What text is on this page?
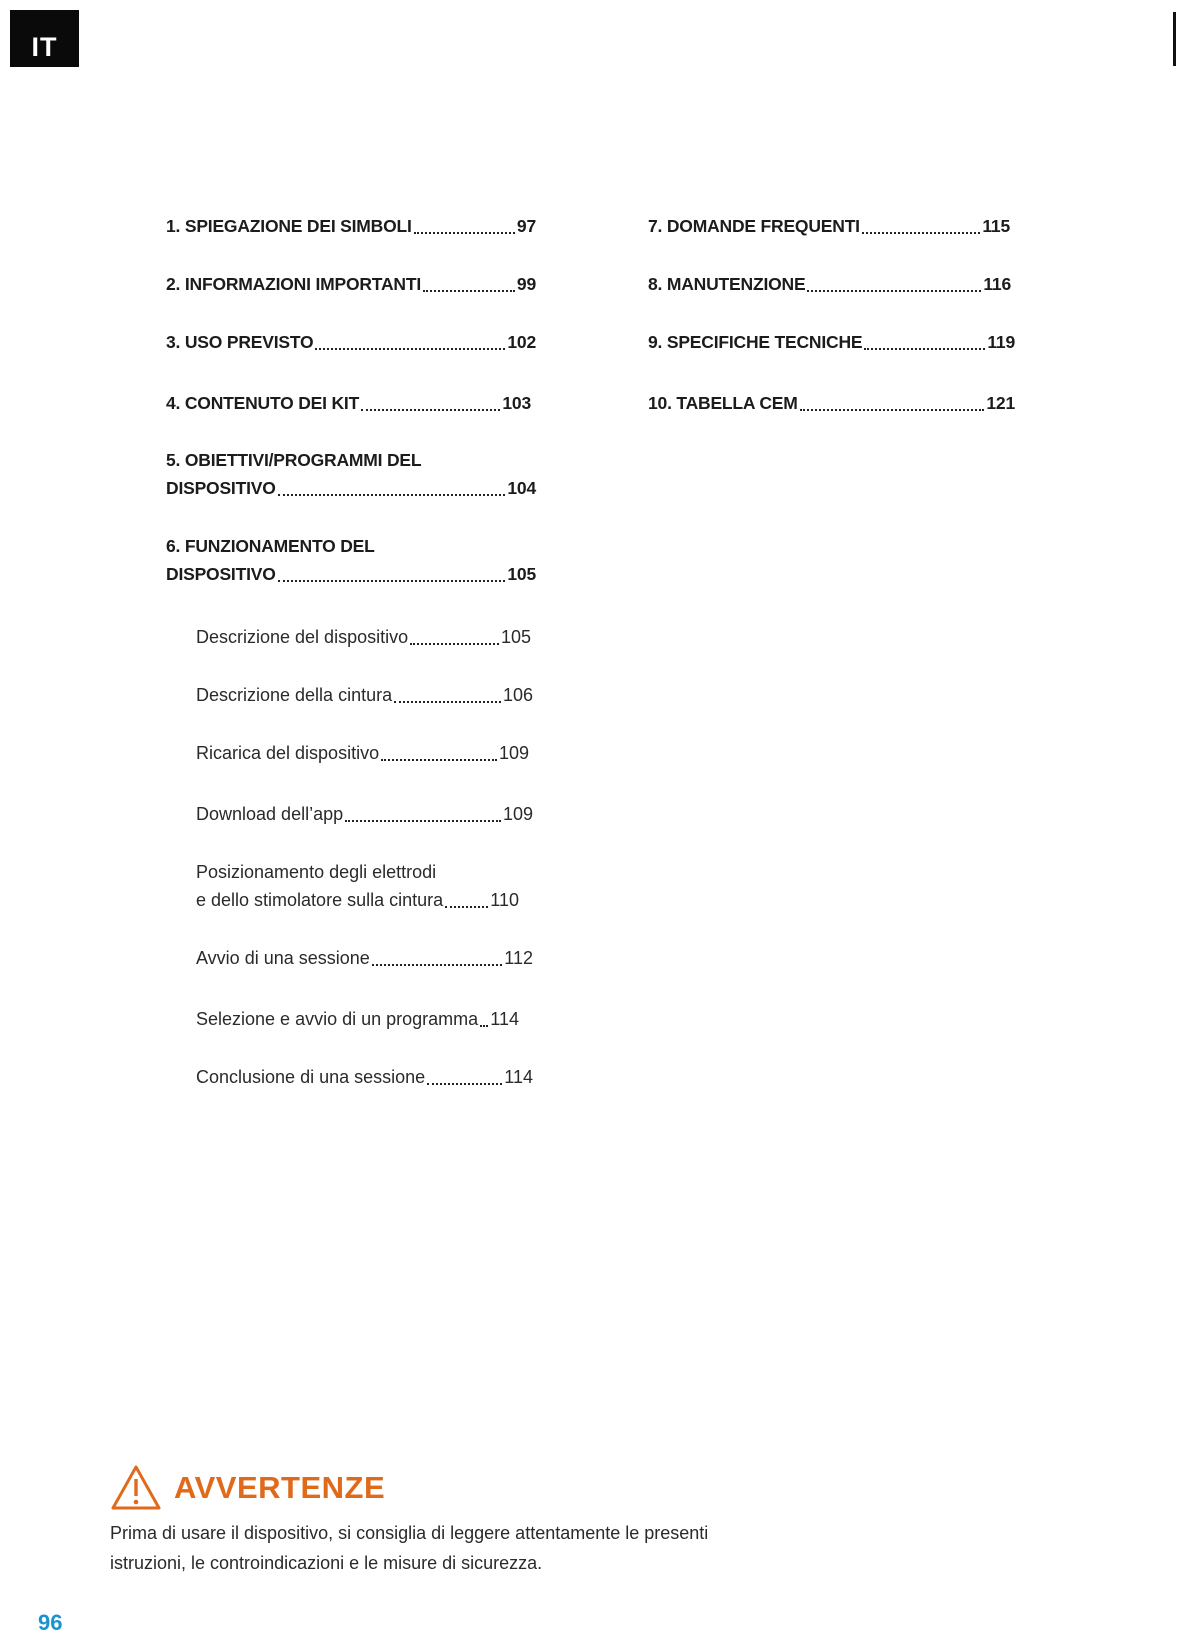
IT
1. SPIEGAZIONE DEI SIMBOLI	97
2. INFORMAZIONI IMPORTANTI	99
3. USO PREVISTO	102
4. CONTENUTO DEI KIT	103
5. OBIETTIVI/PROGRAMMI DEL
DISPOSITIVO	104
6. FUNZIONAMENTO DEL
DISPOSITIVO	105
Descrizione del dispositivo	105
Descrizione della cintura	106
Ricarica del dispositivo	109
Download dell’app	109
Posizionamento degli elettrodi
e dello stimolatore sulla cintura	110
Avvio di una sessione	112
Selezione e avvio di un programma 114
Conclusione di una sessione	114
7. DOMANDE FREQUENTI	115
8. MANUTENZIONE	116
9. SPECIFICHE TECNICHE	119
10. TABELLA CEM	121
AVVERTENZE
Prima di usare il dispositivo, si consiglia di leggere attentamente le presenti
istruzioni, le controindicazioni e le misure di sicurezza.
96
